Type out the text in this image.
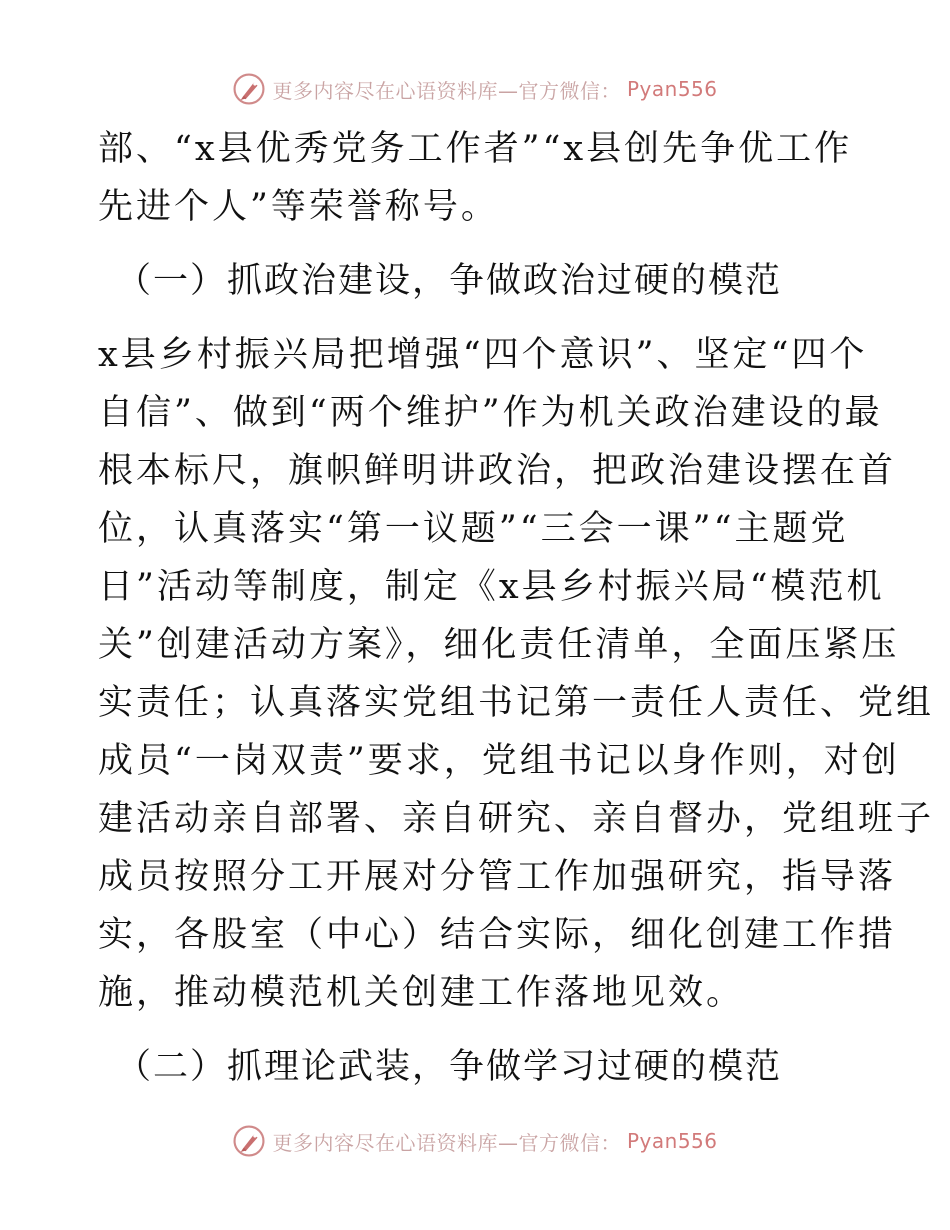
更多内容尽在心语资料库—官方微信： Pyan556
部、“x县优秀党务工作者”“x县创先争优工作
先进个人”等荣誉称号。
（一）抓政治建设，争做政治过硬的模范
x县乡村振兴局把增强“四个意识”、坚定“四个
自信”、做到“两个维护”作为机关政治建设的最
根本标尺，旗帜鲜明讲政治，把政治建设摆在首
位，认真落实“第一议题”“三会一课”“主题党
日”活动等制度，制定《x县乡村振兴局“模范机
关”创建活动方案》，细化责任清单，全面压紧压
实责任；认真落实党组书记第一责任人责任、党组
成员“一岗双责”要求，党组书记以身作则，对创
建活动亲自部署、亲自研究、亲自督办，党组班子
成员按照分工开展对分管工作加强研究，指导落
实，各股室（中心）结合实际，细化创建工作措
施，推动模范机关创建工作落地见效。
（二）抓理论武装，争做学习过硬的模范
更多内容尽在心语资料库—官方微信： Pyan556
